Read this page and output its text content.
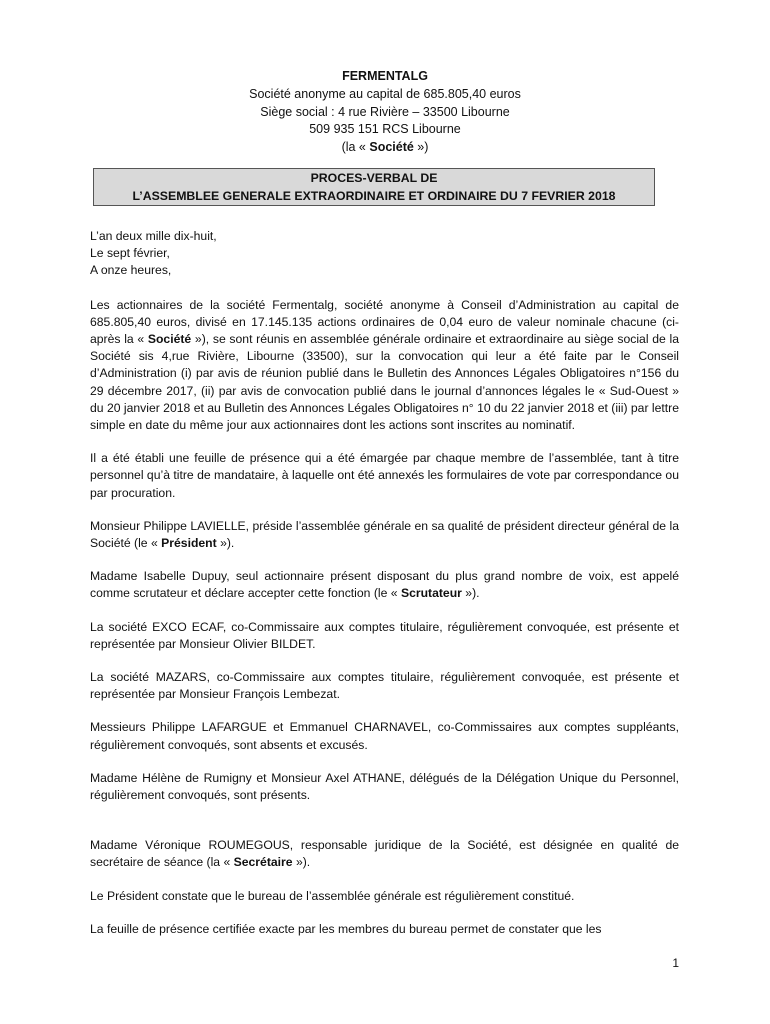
FERMENTALG
Société anonyme au capital de 685.805,40 euros
Siège social : 4 rue Rivière – 33500 Libourne
509 935 151 RCS Libourne
(la « Société »)
PROCES-VERBAL DE
L’ASSEMBLEE GENERALE EXTRAORDINAIRE ET ORDINAIRE DU 7 FEVRIER 2018

L’an deux mille dix-huit,
Le sept février,
A onze heures,

Les actionnaires de la société Fermentalg, société anonyme à Conseil d’Administration au capital de 685.805,40 euros, divisé en 17.145.135 actions ordinaires de 0,04 euro de valeur nominale chacune (ci-après la « Société »), se sont réunis en assemblée générale ordinaire et extraordinaire au siège social de la Société sis 4,rue Rivière, Libourne (33500), sur la convocation qui leur a été faite par le Conseil d’Administration (i) par avis de réunion publié dans le Bulletin des Annonces Légales Obligatoires n°156 du 29 décembre 2017, (ii) par avis de convocation publié dans le journal d’annonces légales le « Sud-Ouest » du 20 janvier 2018 et au Bulletin des Annonces Légales Obligatoires n° 10 du 22 janvier 2018 et (iii) par lettre simple en date du même jour aux actionnaires dont les actions sont inscrites au nominatif.

Il a été établi une feuille de présence qui a été émargée par chaque membre de l’assemblée, tant à titre personnel qu’à titre de mandataire, à laquelle ont été annexés les formulaires de vote par correspondance ou par procuration.

Monsieur Philippe LAVIELLE, préside l’assemblée générale en sa qualité de président directeur général de la Société (le « Président »).

Madame Isabelle Dupuy, seul actionnaire présent disposant du plus grand nombre de voix, est appelé comme scrutateur et déclare accepter cette fonction (le « Scrutateur »).

La société EXCO ECAF, co-Commissaire aux comptes titulaire, régulièrement convoquée, est présente et représentée par Monsieur Olivier BILDET.

La société MAZARS, co-Commissaire aux comptes titulaire, régulièrement convoquée, est présente et représentée par Monsieur François Lembezat.

Messieurs Philippe LAFARGUE et Emmanuel CHARNAVEL, co-Commissaires aux comptes suppléants, régulièrement convoqués, sont absents et excusés.

Madame Hélène de Rumigny et Monsieur Axel ATHANE, délégués de la Délégation Unique du Personnel, régulièrement convoqués, sont présents.

Madame Véronique ROUMEGOUS, responsable juridique de la Société, est désignée en qualité de secrétaire de séance (la « Secrétaire »).

Le Président constate que le bureau de l’assemblée générale est régulièrement constitué.

La feuille de présence certifiée exacte par les membres du bureau permet de constater que les

1
